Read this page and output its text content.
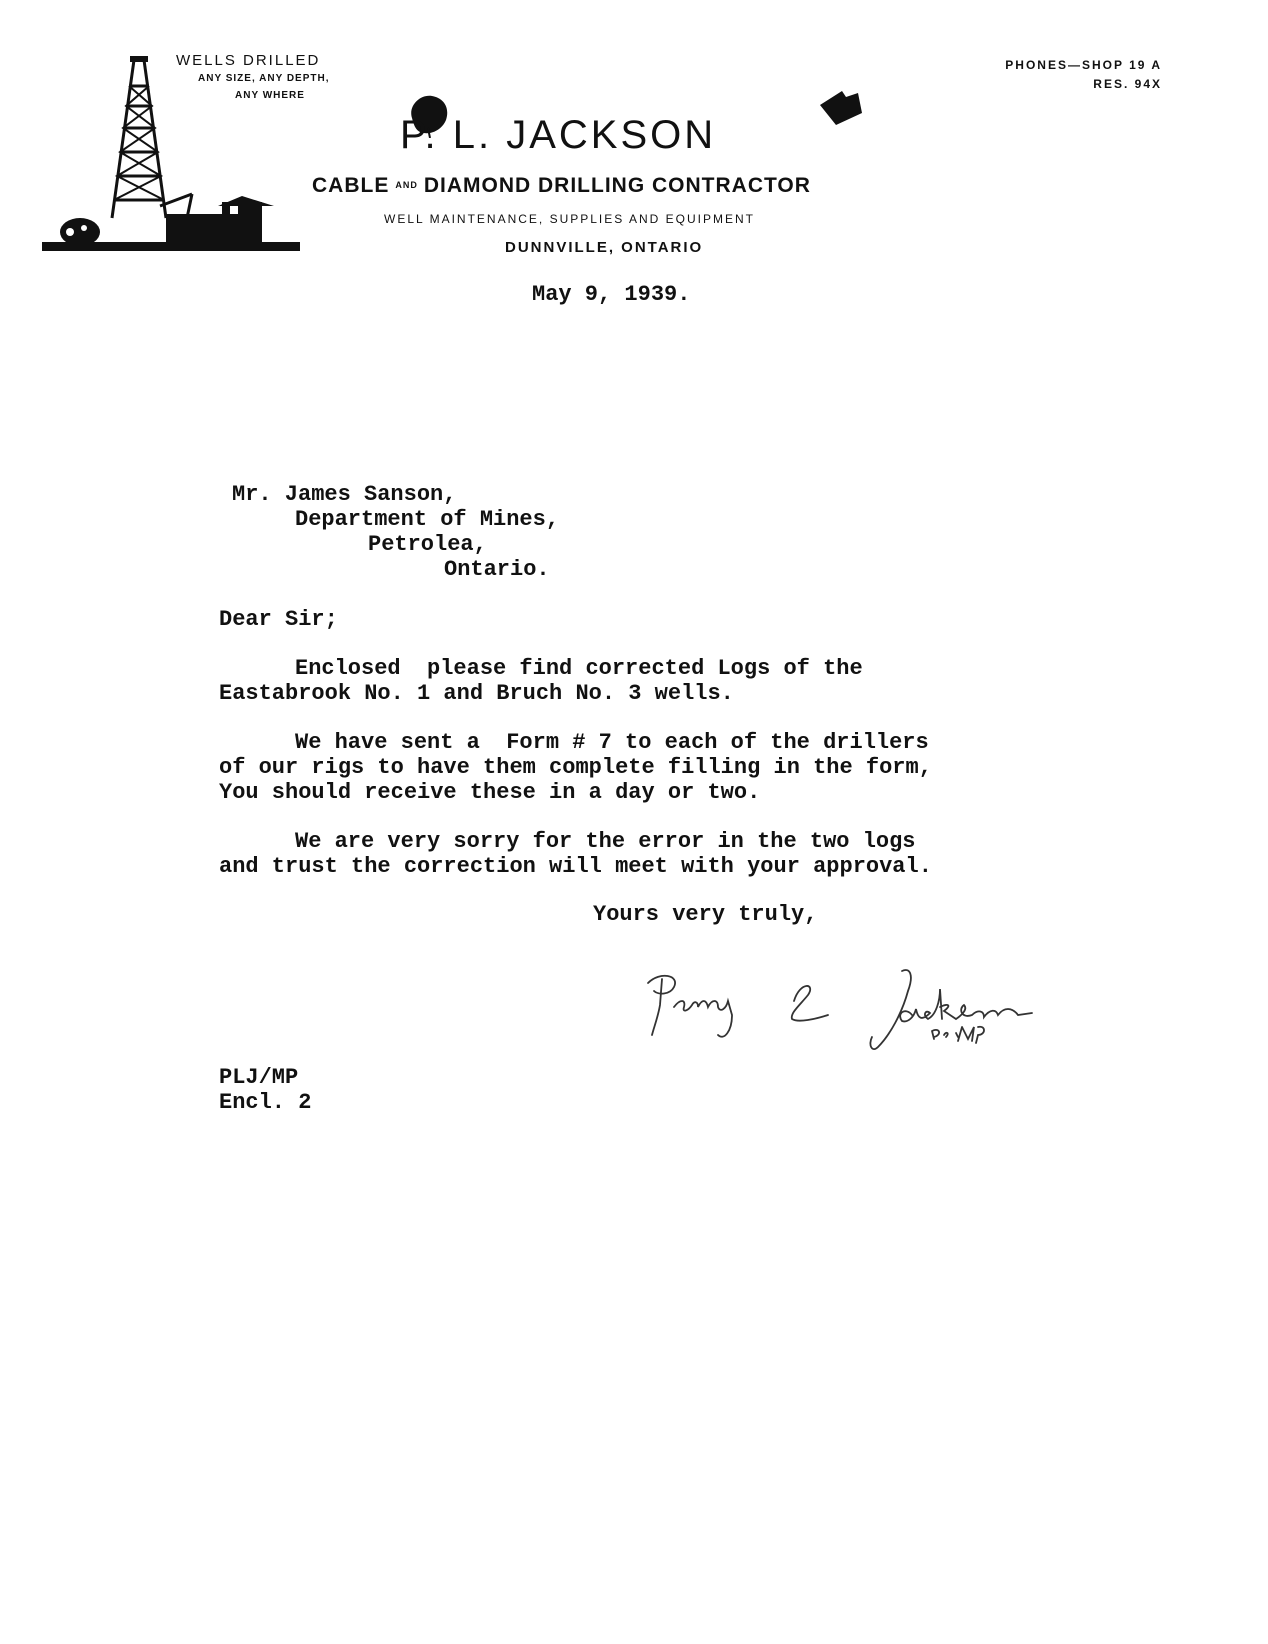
WELLS DRILLED
ANY SIZE, ANY DEPTH,
ANY WHERE
PHONES—SHOP 19 A
RES. 94X
P. L. JACKSON
CABLE AND DIAMOND DRILLING CONTRACTOR
WELL MAINTENANCE, SUPPLIES AND EQUIPMENT
DUNNVILLE, ONTARIO
May 9, 1939.
Mr. James Sanson,
Department of Mines,
Petrolea,
Ontario.
Dear Sir;
Enclosed  please find corrected Logs of the
Eastabrook No. 1 and Bruch No. 3 wells.
We have sent a  Form # 7 to each of the drillers
of our rigs to have them complete filling in the form,
You should receive these in a day or two.
We are very sorry for the error in the two logs
and trust the correction will meet with your approval.
Yours very truly,
PLJ/MP
Encl. 2
